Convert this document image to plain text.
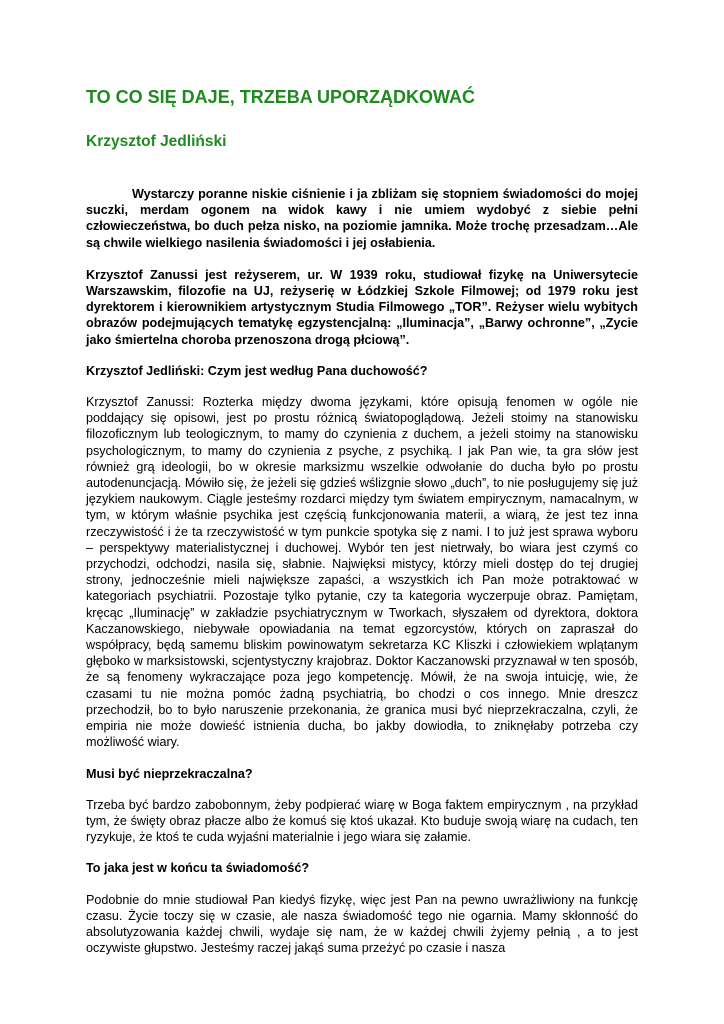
TO CO SIĘ DAJE, TRZEBA UPORZĄDKOWAĆ
Krzysztof Jedliński

Wystarczy poranne niskie ciśnienie i ja zbliżam się stopniem świadomości do mojej suczki, merdam ogonem na widok kawy i nie umiem wydobyć z siebie pełni człowieczeństwa, bo duch pełza nisko, na poziomie jamnika. Może trochę przesadzam…Ale są chwile wielkiego nasilenia świadomości i jej osłabienia.

Krzysztof Zanussi jest reżyserem, ur. W 1939 roku, studiował fizykę na Uniwersytecie Warszawskim, filozofie na UJ, reżyserię w Łódzkiej Szkole Filmowej; od 1979 roku jest dyrektorem i kierownikiem artystycznym Studia Filmowego „TOR”. Reżyser wielu wybitych obrazów podejmujących tematykę egzystencjalną: „Iluminacja”, „Barwy ochronne”, „Zycie jako śmiertelna choroba przenoszona drogą płciową”.

Krzysztof Jedliński: Czym jest według Pana duchowość?

Krzysztof Zanussi: Rozterka między dwoma językami, które opisują fenomen w ogóle nie poddający się opisowi, jest po prostu różnicą światopoglądową. Jeżeli stoimy na stanowisku filozoficznym lub teologicznym, to mamy do czynienia z duchem, a jeżeli stoimy na stanowisku psychologicznym, to mamy do czynienia z psyche, z psychiką. I jak Pan wie, ta gra słów jest również grą ideologii, bo w okresie marksizmu wszelkie odwołanie do ducha było po prostu autodenuncjacją. Mówiło się, że jeżeli się gdzieś wślizgnie słowo „duch”, to nie posługujemy się już językiem naukowym. Ciągle jesteśmy rozdarci między tym światem empirycznym, namacalnym, w tym, w którym właśnie psychika jest częścią funkcjonowania materii, a wiarą, że jest tez inna rzeczywistość i że ta rzeczywistość w tym punkcie spotyka się z nami. I to już jest sprawa wyboru – perspektywy materialistycznej i duchowej. Wybór ten jest nietrwały, bo wiara jest czymś co przychodzi, odchodzi, nasila się, słabnie. Najwięksi mistycy, którzy mieli dostęp do tej drugiej strony, jednocześnie mieli największe zapaści, a wszystkich ich Pan może potraktować w kategoriach psychiatrii. Pozostaje tylko pytanie, czy ta kategoria wyczerpuje obraz. Pamiętam, kręcąc „Iluminację” w zakładzie psychiatrycznym w Tworkach, słyszałem od dyrektora, doktora Kaczanowskiego, niebywałe opowiadania na temat egzorcystów, których on zapraszał do współpracy, będą samemu bliskim powinowatym sekretarza KC Kliszki i człowiekiem wplątanym głęboko w marksistowski, scjentystyczny krajobraz. Doktor Kaczanowski przyznawał w ten sposób, że są fenomeny wykraczające poza jego kompetencję. Mówił, że na swoja intuicję, wie, że czasami tu nie można pomóc żadną psychiatrią, bo chodzi o cos innego. Mnie dreszcz przechodził, bo to było naruszenie przekonania, że granica musi być nieprzekraczalna, czyli, że empiria nie może dowieść istnienia ducha, bo jakby dowiodła, to zniknęłaby potrzeba czy możliwość wiary.

Musi być nieprzekraczalna?

Trzeba być bardzo zabobonnym, żeby podpierać wiarę w Boga faktem empirycznym , na przykład tym, że święty obraz płacze albo że komuś się ktoś ukazał. Kto buduje swoją wiarę na cudach, ten ryzykuje, że ktoś te cuda wyjaśni materialnie i jego wiara się załamie.

To jaka jest w końcu ta świadomość?

Podobnie do mnie studiował Pan kiedyś fizykę, więc jest Pan na pewno uwrażliwiony na funkcję czasu. Życie toczy się w czasie, ale nasza świadomość tego nie ogarnia. Mamy skłonność do absolutyzowania każdej chwili, wydaje się nam, że w każdej chwili żyjemy pełnią , a to jest oczywiste głupstwo. Jesteśmy raczej jakąś suma przeżyć po czasie i nasza
